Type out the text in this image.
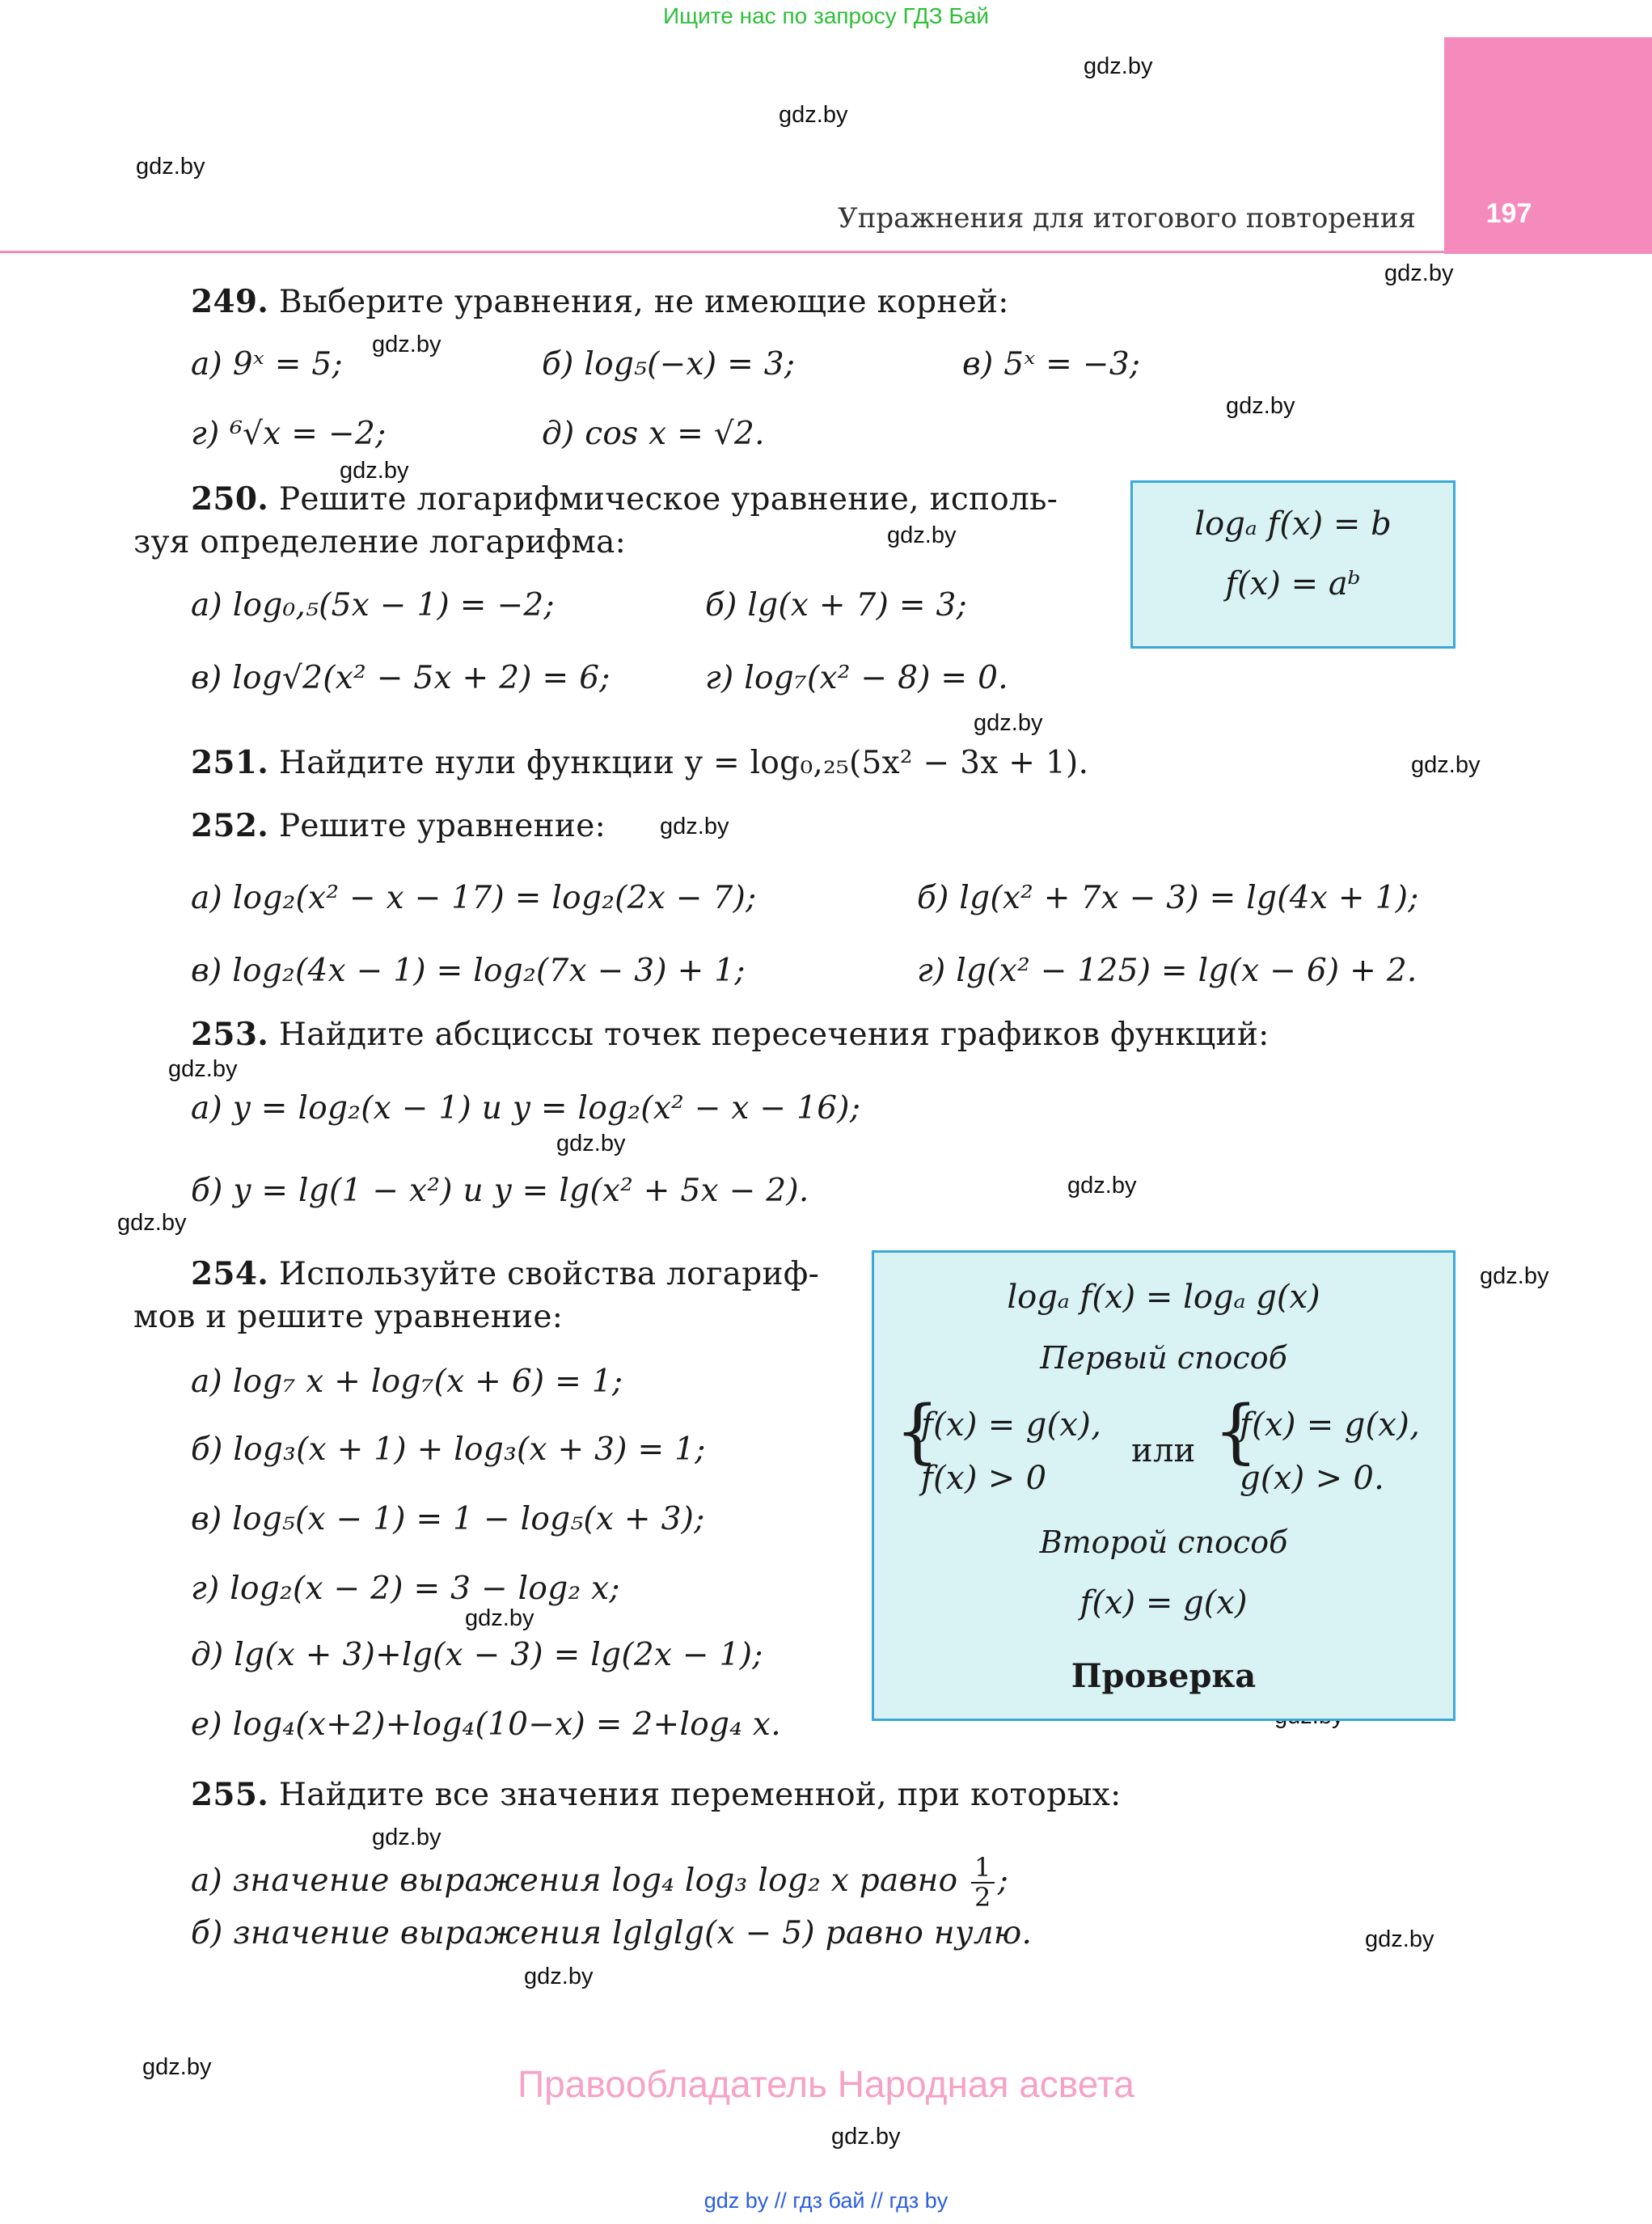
Ищите нас по запросу ГДЗ Бай
197
Упражнения для итогового повторения
gdz.by
gdz.by
gdz.by
gdz.by
gdz.by
gdz.by
gdz.by
gdz.by
gdz.by
gdz.by
gdz.by
gdz.by
gdz.by
gdz.by
gdz.by
gdz.by
gdz.by
gdz.by
gdz.by
gdz.by
gdz.by
gdz.by
249. Выберите уравнения, не имеющие корней:
а) 9ˣ = 5;	б) log₅(−x) = 3;	в) 5ˣ = −3;
г) ⁶√x = −2;	д) cos x = √2.
250. Решите логарифмическое уравнение, исполь-
зуя определение логарифма:
а) log₀,₅(5x − 1) = −2;	б) lg(x + 7) = 3;
в) log√2(x² − 5x + 2) = 6;	г) log₇(x² − 8) = 0.
logₐ f(x) = b
f(x) = aᵇ
251. Найдите нули функции y = log₀,₂₅(5x² − 3x + 1).
252. Решите уравнение:
а) log₂(x² − x − 17) = log₂(2x − 7);	б) lg(x² + 7x − 3) = lg(4x + 1);
в) log₂(4x − 1) = log₂(7x − 3) + 1;	г) lg(x² − 125) = lg(x − 6) + 2.
253. Найдите абсциссы точек пересечения графиков функций:
а) y = log₂(x − 1) и y = log₂(x² − x − 16);
б) y = lg(1 − x²) и y = lg(x² + 5x − 2).
254. Используйте свойства логариф-
мов и решите уравнение:
а) log₇ x + log₇(x + 6) = 1;
б) log₃(x + 1) + log₃(x + 3) = 1;
в) log₅(x − 1) = 1 − log₅(x + 3);
г) log₂(x − 2) = 3 − log₂ x;
д) lg(x + 3)+lg(x − 3) = lg(2x − 1);
е) log₄(x+2)+log₄(10−x) = 2+log₄ x.
logₐ f(x) = logₐ g(x)
Первый способ
{
f(x) = g(x),
f(x) > 0
или {
f(x) = g(x),
g(x) > 0.
Второй способ
f(x) = g(x)
Проверка
255. Найдите все значения переменной, при которых:
а) значение выражения log₄ log₃ log₂ x равно $\frac{1}{2}$ ;
б) значение выражения lglglg(x − 5) равно нулю.
Правообладатель Народная асвета
gdz by // гдз бай // гдз by
